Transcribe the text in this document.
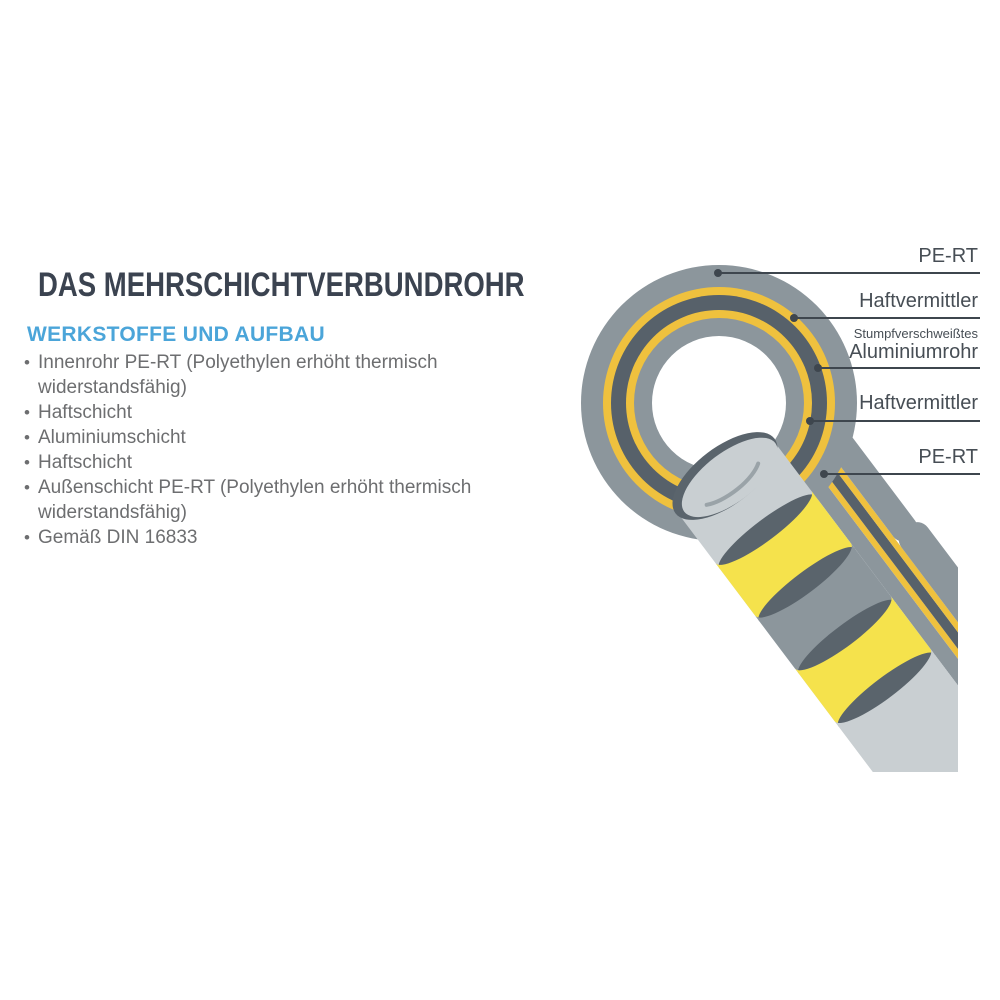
PE-RT
Haftvermittler
Stumpfverschweißtes
Aluminiumrohr
Haftvermittler
PE-RT
DAS MEHRSCHICHTVERBUNDROHR
WERKSTOFFE UND AUFBAU
• Innenrohr PE-RT (Polyethylen erhöht thermisch widerstandsfähig)
• Haftschicht
• Aluminiumschicht
• Haftschicht
• Außenschicht PE-RT (Polyethylen erhöht thermisch widerstandsfähig)
• Gemäß DIN 16833
